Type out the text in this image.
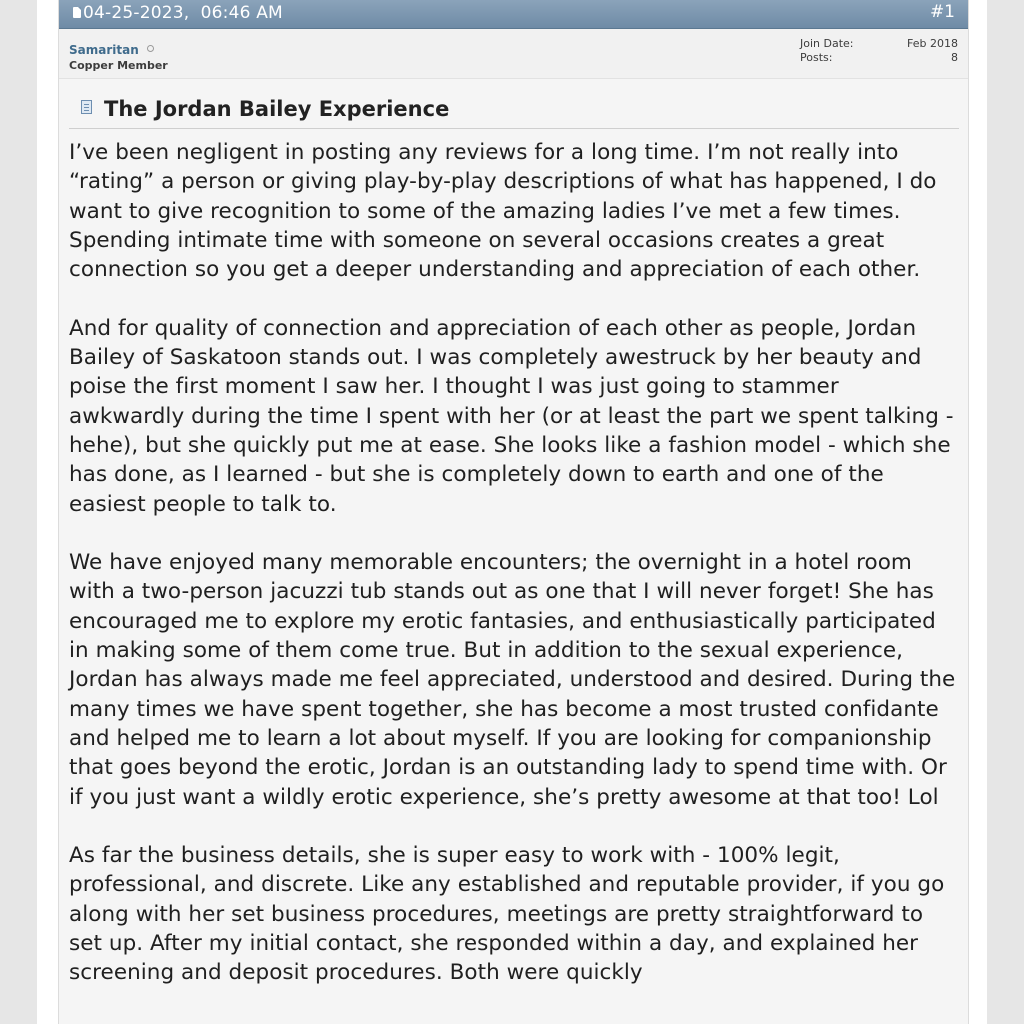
04-25-2023,  06:46 AM	#1
Samaritan
Copper Member
Join Date:	Feb 2018
Posts:	8
The Jordan Bailey Experience

I’ve been negligent in posting any reviews for a long time. I’m not really into “rating” a person or giving play-by-play descriptions of what has happened, I do want to give recognition to some of the amazing ladies I’ve met a few times. Spending intimate time with someone on several occasions creates a great connection so you get a deeper understanding and appreciation of each other.

And for quality of connection and appreciation of each other as people, Jordan Bailey of Saskatoon stands out. I was completely awestruck by her beauty and poise the first moment I saw her. I thought I was just going to stammer awkwardly during the time I spent with her (or at least the part we spent talking - hehe), but she quickly put me at ease. She looks like a fashion model - which she has done, as I learned - but she is completely down to earth and one of the easiest people to talk to.

We have enjoyed many memorable encounters; the overnight in a hotel room with a two-person jacuzzi tub stands out as one that I will never forget! She has encouraged me to explore my erotic fantasies, and enthusiastically participated in making some of them come true. But in addition to the sexual experience, Jordan has always made me feel appreciated, understood and desired. During the many times we have spent together, she has become a most trusted confidante and helped me to learn a lot about myself. If you are looking for companionship that goes beyond the erotic, Jordan is an outstanding lady to spend time with. Or if you just want a wildly erotic experience, she’s pretty awesome at that too! Lol

As far the business details, she is super easy to work with - 100% legit, professional, and discrete. Like any established and reputable provider, if you go along with her set business procedures, meetings are pretty straightforward to set up. After my initial contact, she responded within a day, and explained her screening and deposit procedures. Both were quickly
